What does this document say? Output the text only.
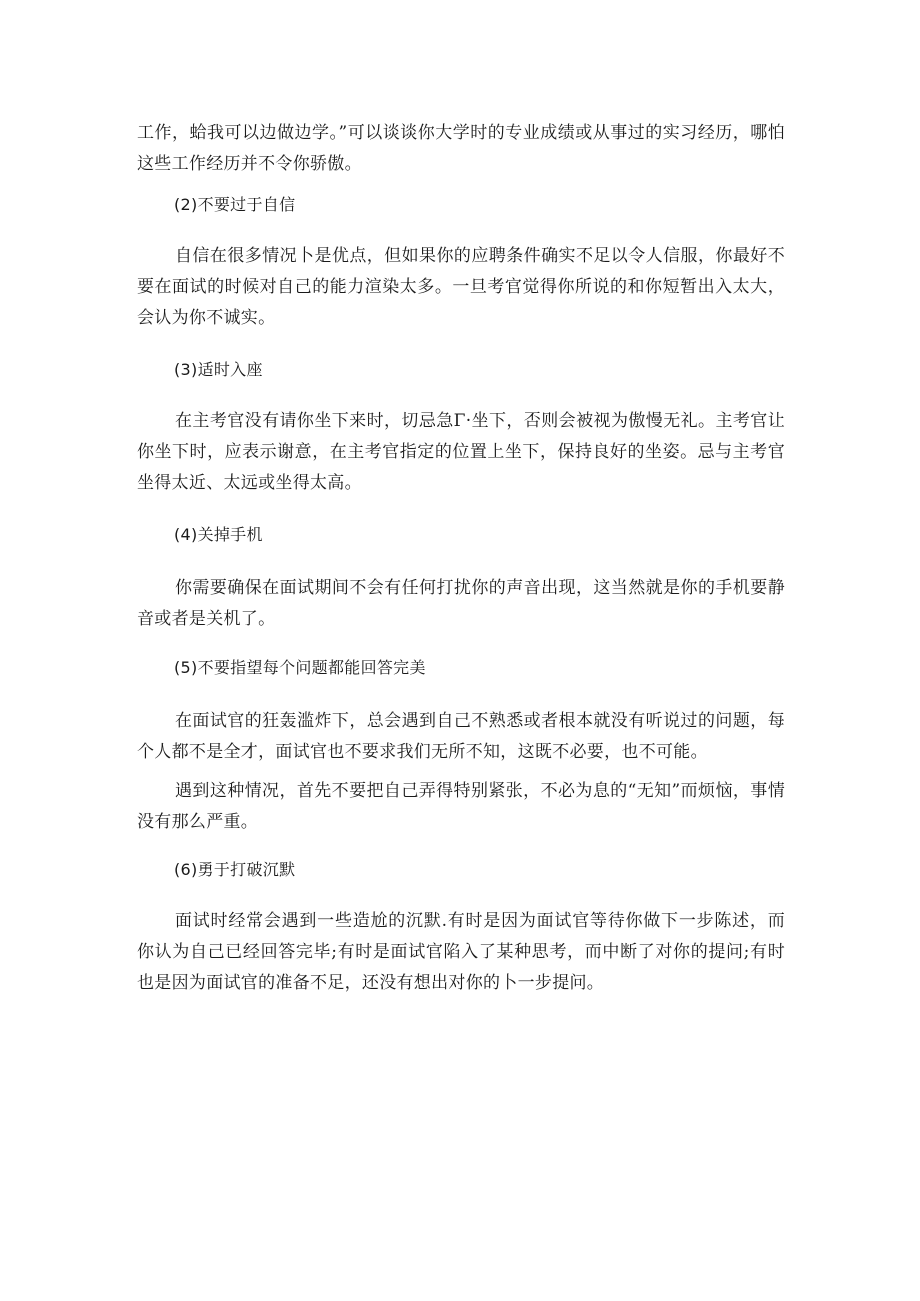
工作，蛤我可以边做边学。”可以谈谈你大学时的专业成绩或从事过的实习经历，哪怕这些工作经历并不令你骄傲。

(2)不要过于自信

自信在很多情况卜是优点，但如果你的应聘条件确实不足以令人信服，你最好不要在面试的时候对自己的能力渲染太多。一旦考官觉得你所说的和你短暂出入太大，会认为你不诚实。

(3)适时入座

在主考官没有请你坐下来时，切忌急Γ·坐下，否则会被视为傲慢无礼。主考官让你坐下时，应表示谢意，在主考官指定的位置上坐下，保持良好的坐姿。忌与主考官坐得太近、太远或坐得太高。

(4)关掉手机

你需要确保在面试期间不会有任何打扰你的声音出现，这当然就是你的手机要静音或者是关机了。

(5)不要指望每个问题都能回答完美

在面试官的狂轰滥炸下，总会遇到自己不熟悉或者根本就没有听说过的问题，每个人都不是全才，面试官也不要求我们无所不知，这既不必要，也不可能。

遇到这种情况，首先不要把自己弄得特别紧张，不必为息的“无知”而烦恼，事情没有那么严重。

(6)勇于打破沉默

面试时经常会遇到一些造尬的沉默.有时是因为面试官等待你做下一步陈述，而你认为自己已经回答完毕;有时是面试官陷入了某种思考，而中断了对你的提问;有时也是因为面试官的准备不足，还没有想出对你的卜一步提问。
